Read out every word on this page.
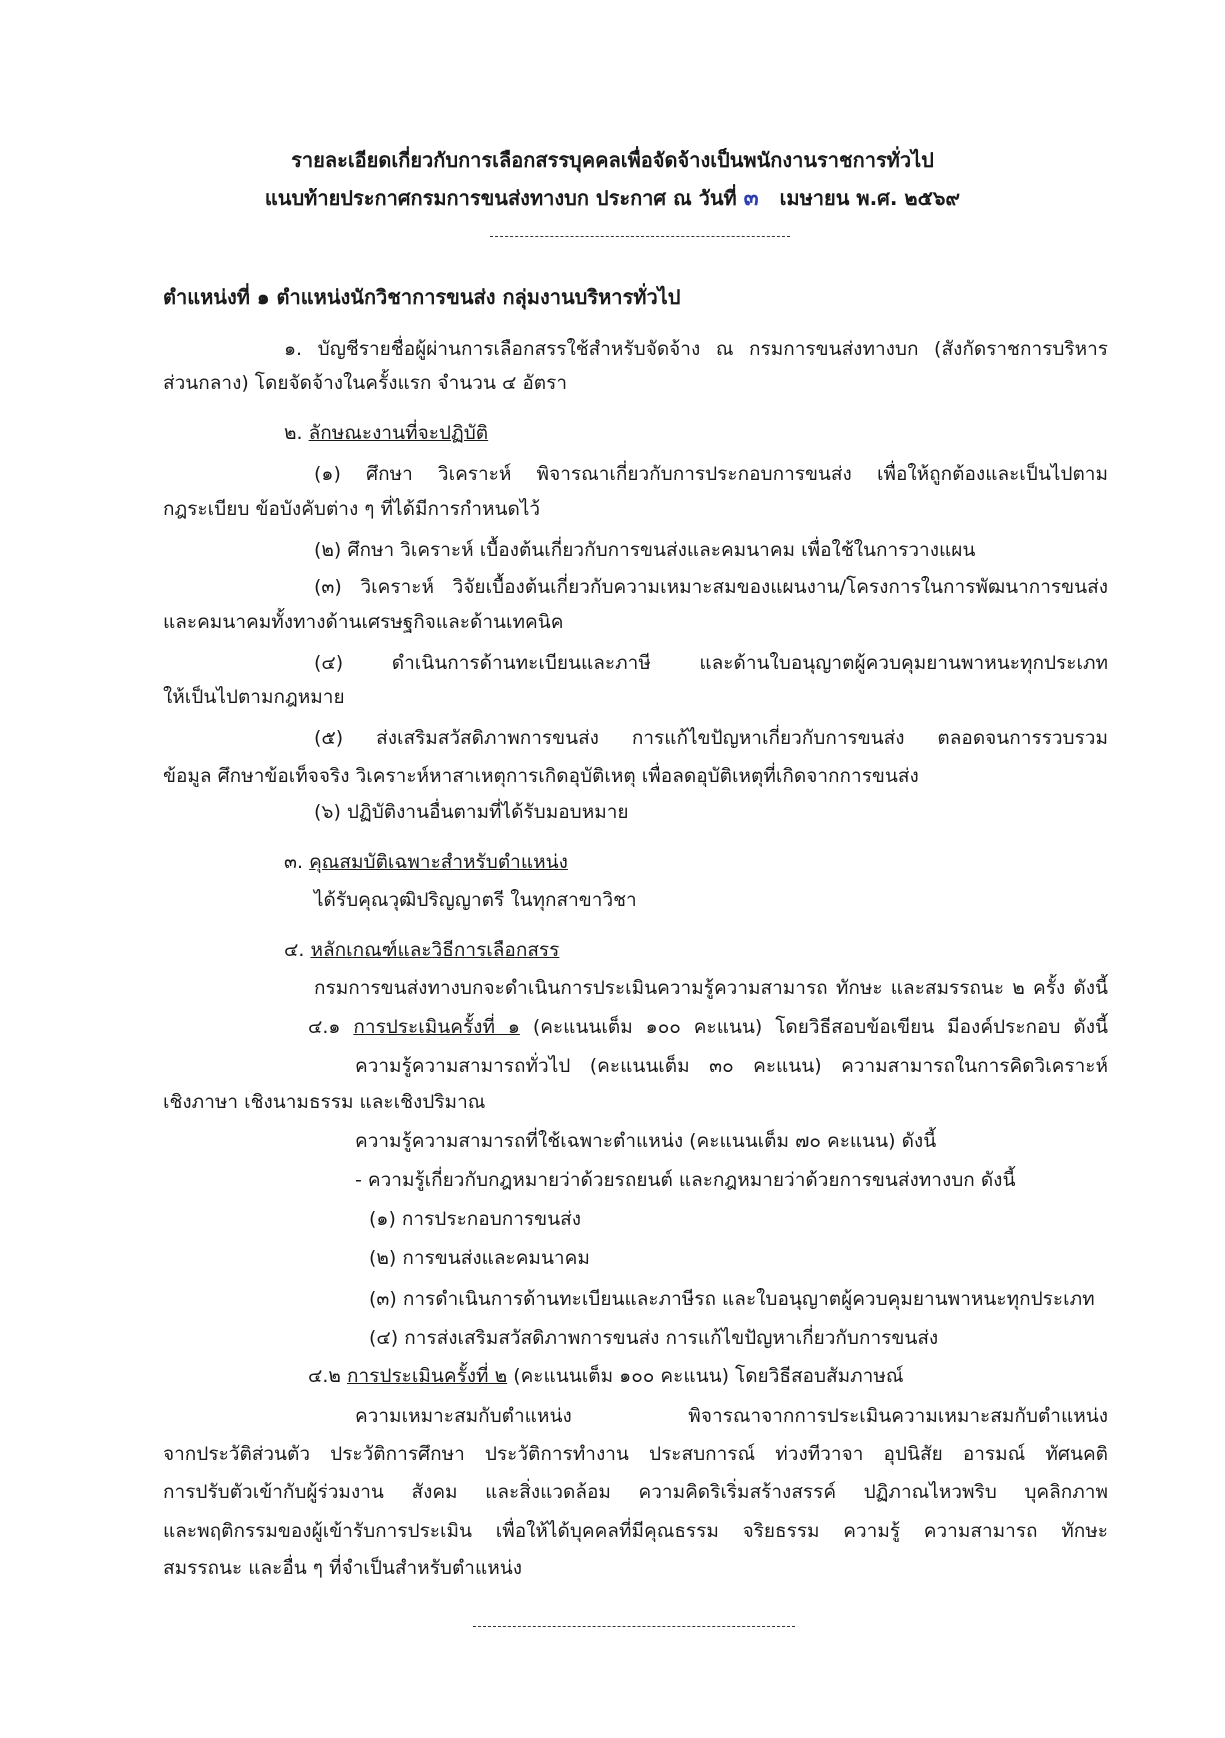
รายละเอียดเกี่ยวกับการเลือกสรรบุคคลเพื่อจัดจ้างเป็นพนักงานราชการทั่วไป
แนบท้ายประกาศกรมการขนส่งทางบก ประกาศ ณ วันที่ ๓ เมษายน พ.ศ. ๒๕๖๙
ตำแหน่งที่ ๑ ตำแหน่งนักวิชาการขนส่ง กลุ่มงานบริหารทั่วไป
๑. บัญชีรายชื่อผู้ผ่านการเลือกสรรใช้สำหรับจัดจ้าง ณ กรมการขนส่งทางบก (สังกัดราชการบริหาร
ส่วนกลาง) โดยจัดจ้างในครั้งแรก จำนวน ๔ อัตรา
๒. ลักษณะงานที่จะปฏิบัติ
(๑) ศึกษา วิเคราะห์ พิจารณาเกี่ยวกับการประกอบการขนส่ง เพื่อให้ถูกต้องและเป็นไปตาม
กฎระเบียบ ข้อบังคับต่าง ๆ ที่ได้มีการกำหนดไว้
(๒) ศึกษา วิเคราะห์ เบื้องต้นเกี่ยวกับการขนส่งและคมนาคม เพื่อใช้ในการวางแผน
(๓) วิเคราะห์ วิจัยเบื้องต้นเกี่ยวกับความเหมาะสมของแผนงาน/โครงการในการพัฒนาการขนส่ง
และคมนาคมทั้งทางด้านเศรษฐกิจและด้านเทคนิค
(๔) ดำเนินการด้านทะเบียนและภาษี และด้านใบอนุญาตผู้ควบคุมยานพาหนะทุกประเภท
ให้เป็นไปตามกฎหมาย
(๕) ส่งเสริมสวัสดิภาพการขนส่ง การแก้ไขปัญหาเกี่ยวกับการขนส่ง ตลอดจนการรวบรวม
ข้อมูล ศึกษาข้อเท็จจริง วิเคราะห์หาสาเหตุการเกิดอุบัติเหตุ เพื่อลดอุบัติเหตุที่เกิดจากการขนส่ง
(๖) ปฏิบัติงานอื่นตามที่ได้รับมอบหมาย
๓. คุณสมบัติเฉพาะสำหรับตำแหน่ง
ได้รับคุณวุฒิปริญญาตรี ในทุกสาขาวิชา
๔. หลักเกณฑ์และวิธีการเลือกสรร
กรมการขนส่งทางบกจะดำเนินการประเมินความรู้ความสามารถ ทักษะ และสมรรถนะ ๒ ครั้ง ดังนี้
๔.๑ การประเมินครั้งที่ ๑ (คะแนนเต็ม ๑๐๐ คะแนน) โดยวิธีสอบข้อเขียน มีองค์ประกอบ ดังนี้
ความรู้ความสามารถทั่วไป (คะแนนเต็ม ๓๐ คะแนน) ความสามารถในการคิดวิเคราะห์
เชิงภาษา เชิงนามธรรม และเชิงปริมาณ
ความรู้ความสามารถที่ใช้เฉพาะตำแหน่ง (คะแนนเต็ม ๗๐ คะแนน) ดังนี้
- ความรู้เกี่ยวกับกฎหมายว่าด้วยรถยนต์ และกฎหมายว่าด้วยการขนส่งทางบก ดังนี้
(๑) การประกอบการขนส่ง
(๒) การขนส่งและคมนาคม
(๓) การดำเนินการด้านทะเบียนและภาษีรถ และใบอนุญาตผู้ควบคุมยานพาหนะทุกประเภท
(๔) การส่งเสริมสวัสดิภาพการขนส่ง การแก้ไขปัญหาเกี่ยวกับการขนส่ง
๔.๒ การประเมินครั้งที่ ๒ (คะแนนเต็ม ๑๐๐ คะแนน) โดยวิธีสอบสัมภาษณ์
ความเหมาะสมกับตำแหน่ง พิจารณาจากการประเมินความเหมาะสมกับตำแหน่ง
จากประวัติส่วนตัว ประวัติการศึกษา ประวัติการทำงาน ประสบการณ์ ท่วงทีวาจา อุปนิสัย อารมณ์ ทัศนคติ
การปรับตัวเข้ากับผู้ร่วมงาน สังคม และสิ่งแวดล้อม ความคิดริเริ่มสร้างสรรค์ ปฏิภาณไหวพริบ บุคลิกภาพ
และพฤติกรรมของผู้เข้ารับการประเมิน เพื่อให้ได้บุคคลที่มีคุณธรรม จริยธรรม ความรู้ ความสามารถ ทักษะ
สมรรถนะ และอื่น ๆ ที่จำเป็นสำหรับตำแหน่ง
